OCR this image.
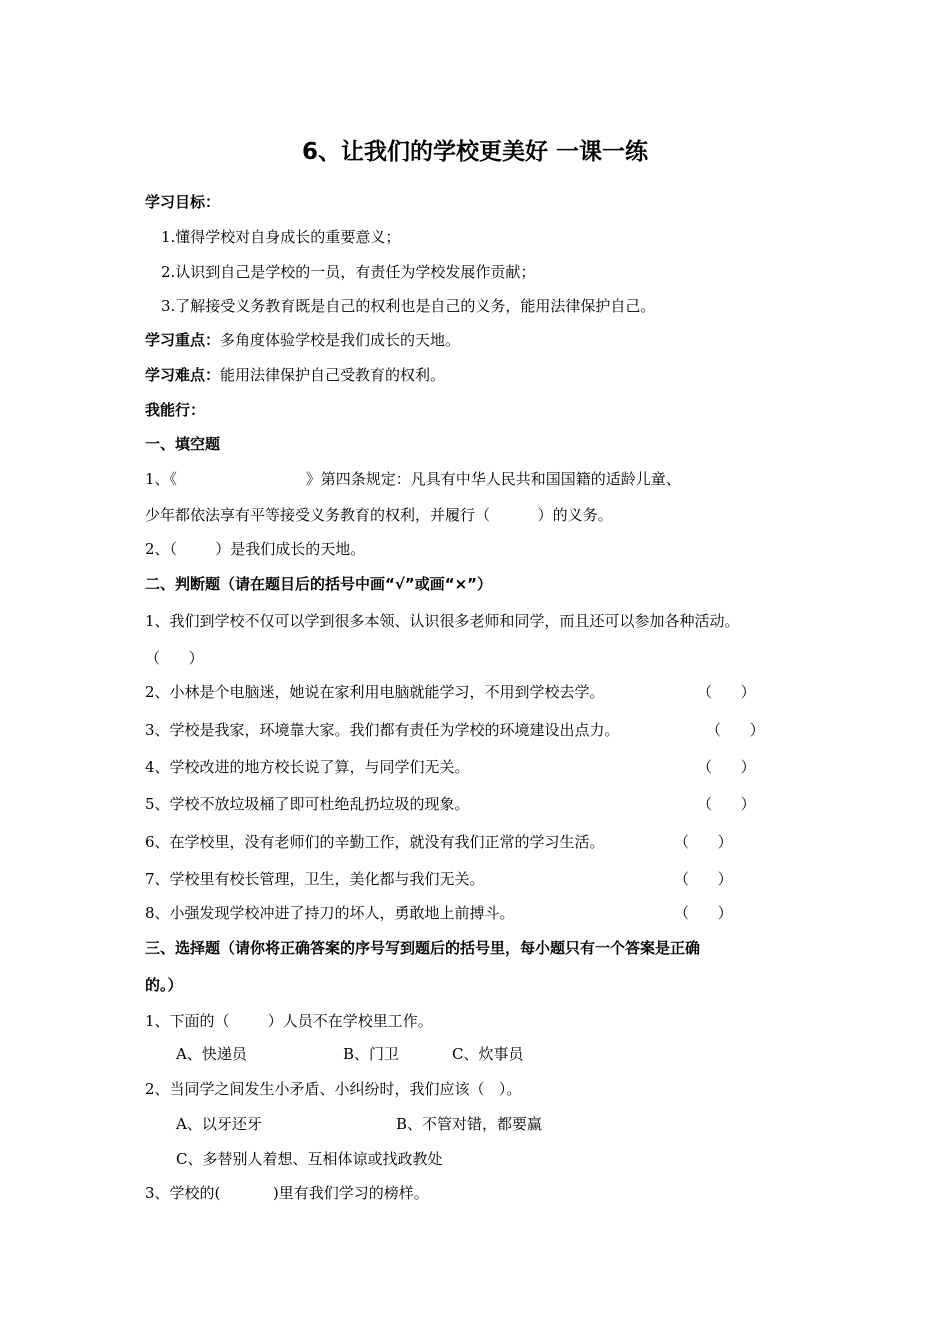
6、让我们的学校更美好 一课一练
学习目标：
1.懂得学校对自身成长的重要意义；
2.认识到自己是学校的一员，有责任为学校发展作贡献；
3.了解接受义务教育既是自己的权利也是自己的义务，能用法律保护自己。
学习重点：多角度体验学校是我们成长的天地。
学习难点：能用法律保护自己受教育的权利。
我能行：
一、填空题
1、《                           》第四条规定：凡具有中华人民共和国国籍的适龄儿童、
少年都依法享有平等接受义务教育的权利，并履行（          ）的义务。
2、（        ）是我们成长的天地。
二、判断题（请在题目后的括号中画“√”或画“×”）
1、我们到学校不仅可以学到很多本领、认识很多老师和同学，而且还可以参加各种活动。
（      ）
2、小林是个电脑迷，她说在家利用电脑就能学习，不用到学校去学。	（      ）
3、学校是我家，环境靠大家。我们都有责任为学校的环境建设出点力。	（      ）
4、学校改进的地方校长说了算，与同学们无关。	（      ）
5、学校不放垃圾桶了即可杜绝乱扔垃圾的现象。	（      ）
6、在学校里，没有老师们的辛勤工作，就没有我们正常的学习生活。	（      ）
7、学校里有校长管理，卫生，美化都与我们无关。	（      ）
8、小强发现学校冲进了持刀的坏人，勇敢地上前搏斗。	（      ）
三、选择题（请你将正确答案的序号写到题后的括号里，每小题只有一个答案是正确
的。）
1、下面的（        ）人员不在学校里工作。
A、快递员	B、门卫	C、炊事员
2、当同学之间发生小矛盾、小纠纷时，我们应该（   ）。
A、以牙还牙	B、不管对错，都要赢
C、多替别人着想、互相体谅或找政教处
3、学校的(           )里有我们学习的榜样。
